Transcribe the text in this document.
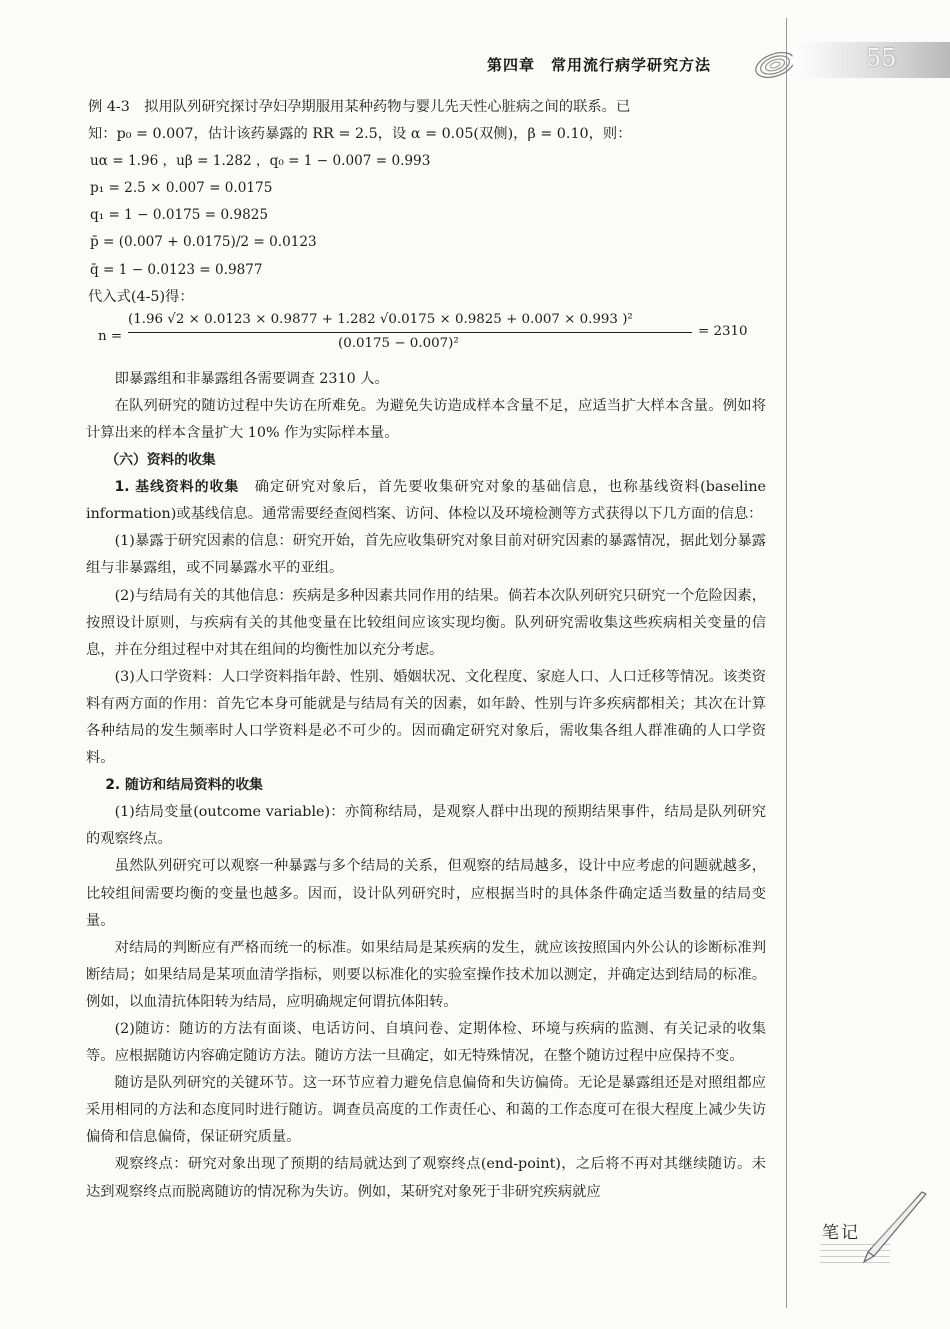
第四章　常用流行病学研究方法	55

例 4-3　拟用队列研究探讨孕妇孕期服用某种药物与婴儿先天性心脏病之间的联系。已

知：p₀ = 0.007，估计该药暴露的 RR = 2.5，设 α = 0.05(双侧)，β = 0.10，则：

uα = 1.96 ，uβ = 1.282 ，q₀ = 1 − 0.007 = 0.993

p₁ = 2.5 × 0.007 = 0.0175

q₁ = 1 − 0.0175 = 0.9825

p̄ = (0.007 + 0.0175)/2 = 0.0123

q̄ = 1 − 0.0123 = 0.9877

代入式(4-5)得：

n =
(1.96 √2 × 0.0123 × 0.9877 + 1.282 √0.0175 × 0.9825 + 0.007 × 0.993 )²
(0.0175 − 0.007)²
= 2310

即暴露组和非暴露组各需要调查 2310 人。

在队列研究的随访过程中失访在所难免。为避免失访造成样本含量不足，应适当扩大样本含量。例如将计算出来的样本含量扩大 10% 作为实际样本量。

（六）资料的收集

1. 基线资料的收集　确定研究对象后，首先要收集研究对象的基础信息，也称基线资料(baseline information)或基线信息。通常需要经查阅档案、访问、体检以及环境检测等方式获得以下几方面的信息：

(1)暴露于研究因素的信息：研究开始，首先应收集研究对象目前对研究因素的暴露情况，据此划分暴露组与非暴露组，或不同暴露水平的亚组。

(2)与结局有关的其他信息：疾病是多种因素共同作用的结果。倘若本次队列研究只研究一个危险因素，按照设计原则，与疾病有关的其他变量在比较组间应该实现均衡。队列研究需收集这些疾病相关变量的信息，并在分组过程中对其在组间的均衡性加以充分考虑。

(3)人口学资料：人口学资料指年龄、性别、婚姻状况、文化程度、家庭人口、人口迁移等情况。该类资料有两方面的作用：首先它本身可能就是与结局有关的因素，如年龄、性别与许多疾病都相关；其次在计算各种结局的发生频率时人口学资料是必不可少的。因而确定研究对象后，需收集各组人群准确的人口学资料。

2. 随访和结局资料的收集

(1)结局变量(outcome variable)：亦简称结局，是观察人群中出现的预期结果事件，结局是队列研究的观察终点。

虽然队列研究可以观察一种暴露与多个结局的关系，但观察的结局越多，设计中应考虑的问题就越多，比较组间需要均衡的变量也越多。因而，设计队列研究时，应根据当时的具体条件确定适当数量的结局变量。

对结局的判断应有严格而统一的标准。如果结局是某疾病的发生，就应该按照国内外公认的诊断标准判断结局；如果结局是某项血清学指标，则要以标准化的实验室操作技术加以测定，并确定达到结局的标准。例如，以血清抗体阳转为结局，应明确规定何谓抗体阳转。

(2)随访：随访的方法有面谈、电话访问、自填问卷、定期体检、环境与疾病的监测、有关记录的收集等。应根据随访内容确定随访方法。随访方法一旦确定，如无特殊情况，在整个随访过程中应保持不变。

随访是队列研究的关键环节。这一环节应着力避免信息偏倚和失访偏倚。无论是暴露组还是对照组都应采用相同的方法和态度同时进行随访。调查员高度的工作责任心、和蔼的工作态度可在很大程度上减少失访偏倚和信息偏倚，保证研究质量。

观察终点：研究对象出现了预期的结局就达到了观察终点(end-point)，之后将不再对其继续随访。未达到观察终点而脱离随访的情况称为失访。例如，某研究对象死于非研究疾病就应

笔记
